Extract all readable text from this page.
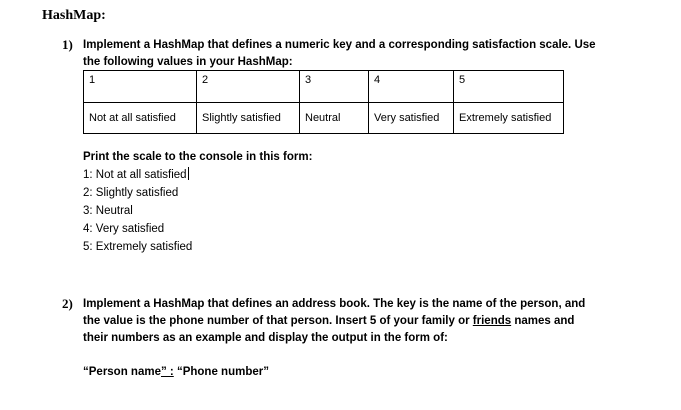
HashMap:
1) Implement a HashMap that defines a numeric key and a corresponding satisfaction scale. Use
the following values in your HashMap:
1	2	3	4	5
Not at all satisfied	Slightly satisfied	Neutral	Very satisfied	Extremely satisfied
Print the scale to the console in this form:
1: Not at all satisfied
2: Slightly satisfied
3: Neutral
4: Very satisfied
5: Extremely satisfied
2) Implement a HashMap that defines an address book. The key is the name of the person, and
the value is the phone number of that person. Insert 5 of your family or friends names and
their numbers as an example and display the output in the form of:
“Person name” : “Phone number”
